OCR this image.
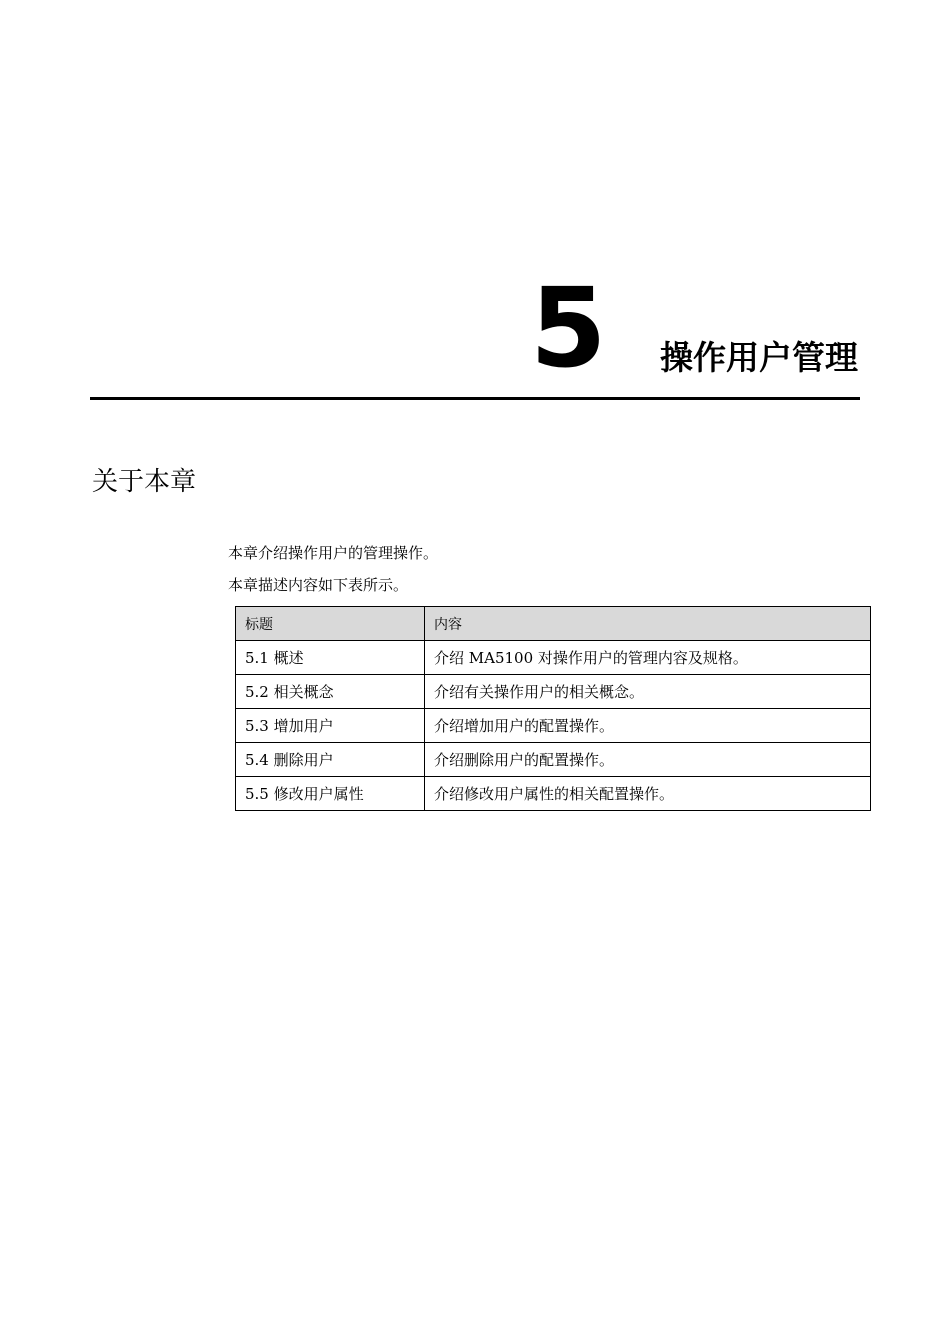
5 操作用户管理
关于本章
本章介绍操作用户的管理操作。
本章描述内容如下表所示。
标题	内容
5.1 概述	介绍 MA5100 对操作用户的管理内容及规格。
5.2 相关概念	介绍有关操作用户的相关概念。
5.3 增加用户	介绍增加用户的配置操作。
5.4 删除用户	介绍删除用户的配置操作。
5.5 修改用户属性	介绍修改用户属性的相关配置操作。
